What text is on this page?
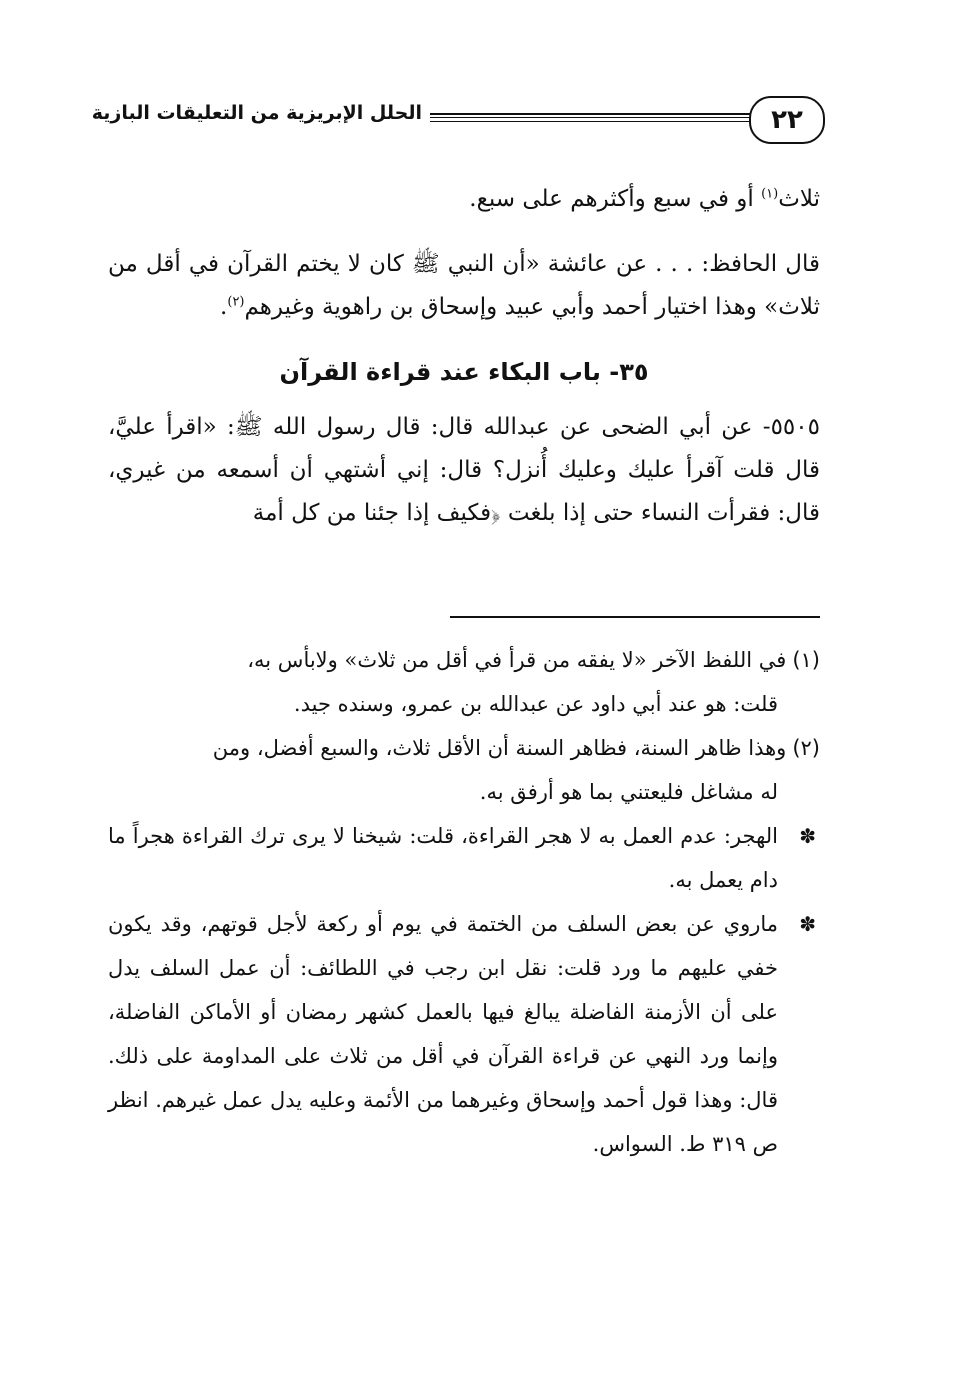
٢٢
الحلل الإبريزية من التعليقات البازية

ثلاث$^{(١)}$ أو في سبع وأكثرهم على سبع.

قال الحافظ: . . . عن عائشة «أن النبي ﷺ كان لا يختم القرآن في أقل من ثلاث» وهذا اختيار أحمد وأبي عبيد وإسحاق بن راهوية وغيرهم$^{(٢)}$.

٣٥- باب البكاء عند قراءة القرآن

٥٥٠٥- عن أبي الضحى عن عبدالله قال: قال رسول الله ﷺ: «اقرأ عليَّ، قال قلت آقرأ عليك وعليك أُنزل؟ قال: إني أشتهي أن أسمعه من غيري، قال: فقرأت النساء حتى إذا بلغت ﴿فكيف إذا جئنا من كل أمة

(١)في اللفظ الآخر «لا يفقه من قرأ في أقل من ثلاث» ولابأس به،
قلت: هو عند أبي داود عن عبدالله بن عمرو، وسنده جيد.
(٢)وهذا ظاهر السنة، فظاهر السنة أن الأقل ثلاث، والسبع أفضل، ومن
له مشاغل فليعتني بما هو أرفق به.
✽
الهجر: عدم العمل به لا هجر القراءة، قلت: شيخنا لا يرى ترك القراءة هجراً ما دام يعمل به.
✽
ماروي عن بعض السلف من الختمة في يوم أو ركعة لأجل قوتهم، وقد يكون خفي عليهم ما ورد قلت: نقل ابن رجب في اللطائف: أن عمل السلف يدل على أن الأزمنة الفاضلة يبالغ فيها بالعمل كشهر رمضان أو الأماكن الفاضلة، وإنما ورد النهي عن قراءة القرآن في أقل من ثلاث على المداومة على ذلك. قال: وهذا قول أحمد وإسحاق وغيرهما من الأئمة وعليه يدل عمل غيرهم. انظر ص ٣١٩ ط. السواس.
